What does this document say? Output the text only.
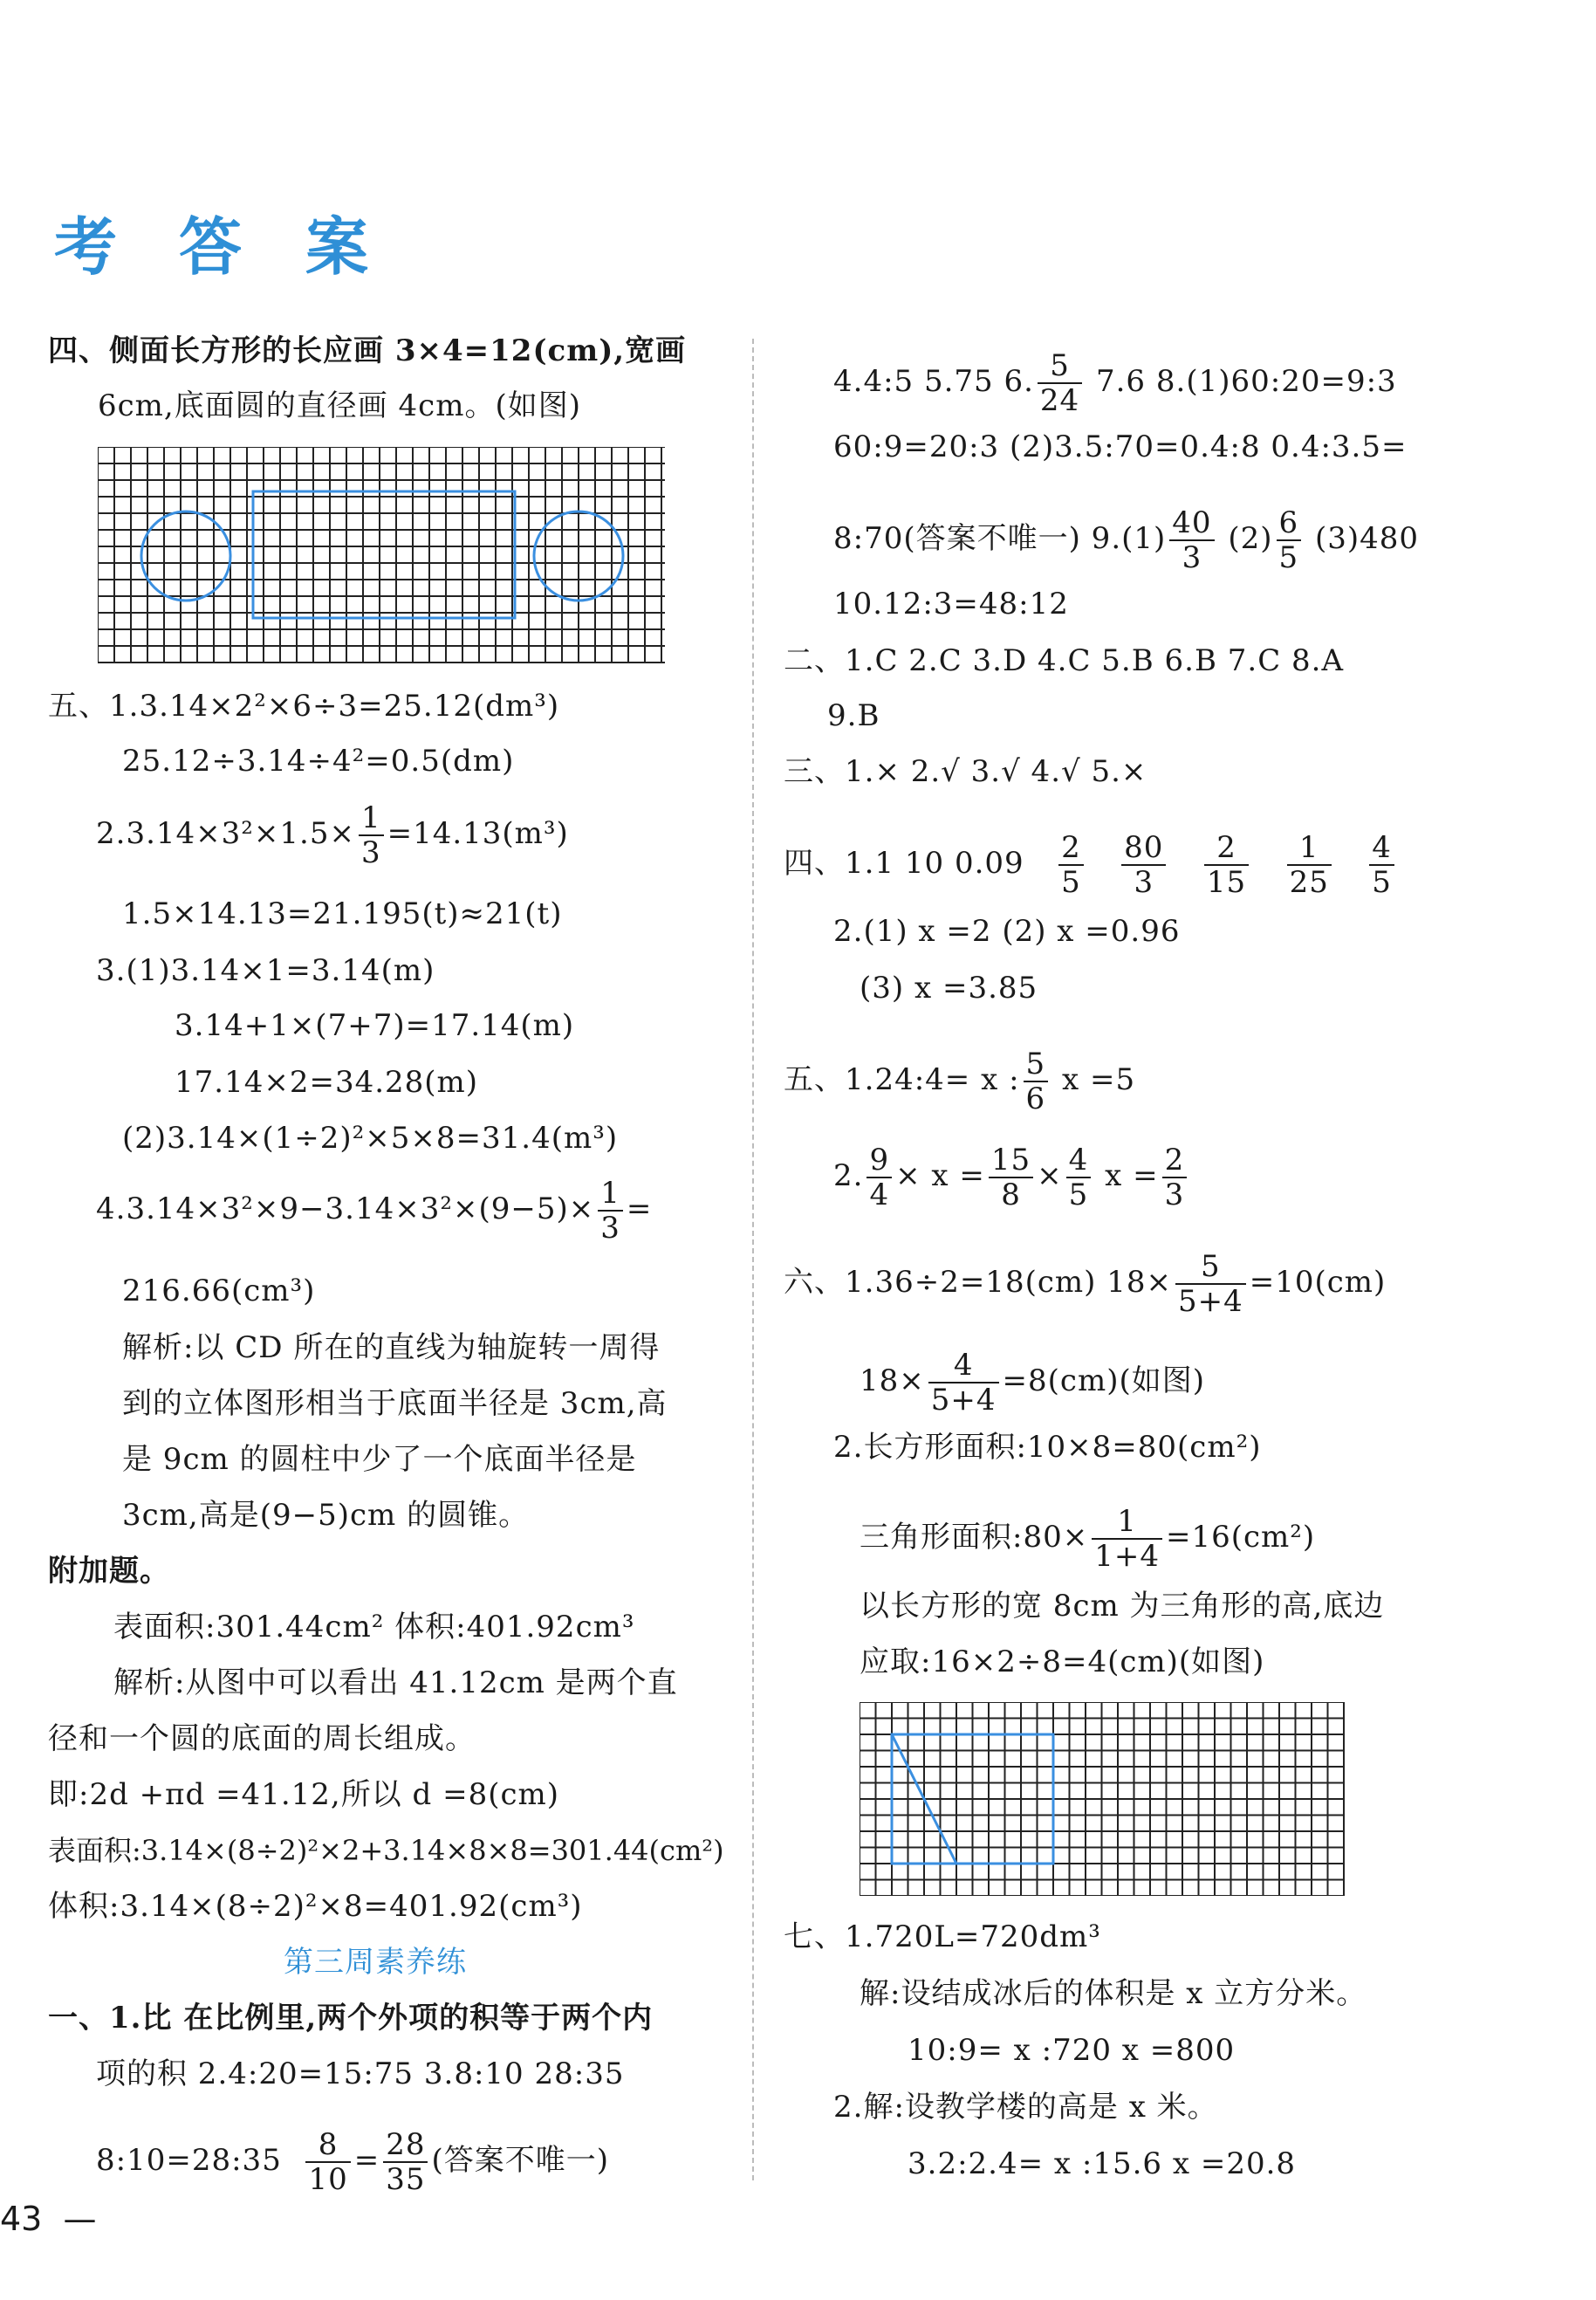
考 答 案
四、侧面长方形的长应画 3×4=12(cm),宽画
6cm,底面圆的直径画 4cm。(如图)
五、1.3.14×2²×6÷3=25.12(dm³)
25.12÷3.14÷4²=0.5(dm)
$2.3.14\times 3^2\times 1.5\times \frac{1}{3} =14.13(m^3)$
1.5×14.13=21.195(t)≈21(t)
3.(1)3.14×1=3.14(m)
3.14+1×(7+7)=17.14(m)
17.14×2=34.28(m)
(2)3.14×(1÷2)²×5×8=31.4(m³)
$4.3.14\times 3^2\times 9-3.14\times 3^2\times(9-5)\times \frac{1}{3}$ =
216.66(cm³)
解析:以 CD 所在的直线为轴旋转一周得
到的立体图形相当于底面半径是 3cm,高
是 9cm 的圆柱中少了一个底面半径是
3cm,高是(9−5)cm 的圆锥。
附加题。
表面积:301.44cm² 体积:401.92cm³
解析:从图中可以看出 41.12cm 是两个直
径和一个圆的底面的周长组成。
即:2d +πd =41.12,所以 d =8(cm)
表面积:3.14×(8÷2)²×2+3.14×8×8=301.44(cm²)
体积:3.14×(8÷2)²×8=401.92(cm³)
第三周素养练
一、1.比 在比例里,两个外项的积等于两个内
项的积 2.4:20=15:75 3.8:10 28:35
8:10=28:35 $\frac{8}{10} = \frac{28}{35}$ (答案不唯一)
4.4:5 5.75 6. $\frac{5}{24} 7.6$ 8.(1)60:20=9:3
60:9=20:3 (2)3.5:70=0.4:8 0.4:3.5=
8:70(答案不唯一) $9.(1) \frac{40}{3} (2) \frac{6}{5} (3)480$
10.12:3=48:12
二、1.C 2.C 3.D 4.C 5.B 6.B 7.C 8.A
9.B
三、1.× 2.√ 3.√ 4.√ 5.×
四、1.1 10 $0.09 \frac{2}{5}$
$\frac{80}{3}$
$\frac{2}{15}$
$\frac{1}{25}$
$\frac{4}{5}$
2.(1) x =2 (2) x =0.96
(3) x =3.85
五、1.24:4= x : $\frac{5}{6}$ x =5
2. $\frac{9}{4} \times x = \frac{15}{8} \times \frac{4}{5}$ $x = \frac{2}{3}$
六、1.36÷2=18(cm) $18\times \frac{5}{5+4} =10(cm)$
$18\times \frac{4}{5+4} =8(cm)$(如图)
2.长方形面积:10×8=80(cm²)
三角形面积:80× $\frac{1}{1+4} =16(cm^2)$
以长方形的宽 8cm 为三角形的高,底边
应取:16×2÷8=4(cm)(如图)
七、1.720L=720dm³
解:设结成冰后的体积是 x 立方分米。
10:9= x :720 x =800
2.解:设教学楼的高是 x 米。
3.2:2.4= x :15.6 x =20.8
43 —
